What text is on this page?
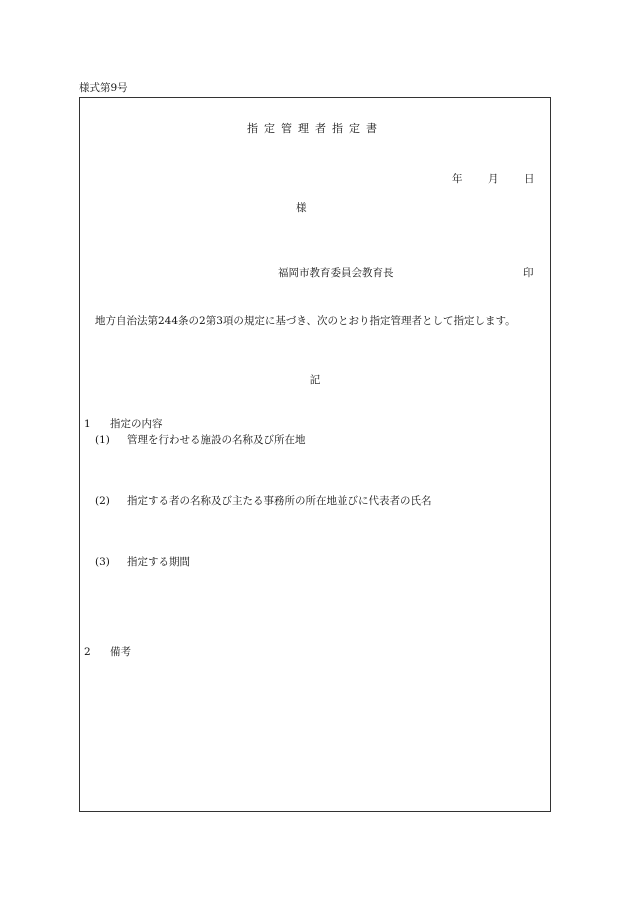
様式第9号
指定管理者指定書
年 月 日
様
福岡市教育委員会教育長	印
地方自治法第244条の2第3項の規定に基づき、次のとおり指定管理者として指定します。
記
1 指定の内容
(1) 管理を行わせる施設の名称及び所在地
(2) 指定する者の名称及び主たる事務所の所在地並びに代表者の氏名
(3) 指定する期間
2 備考
